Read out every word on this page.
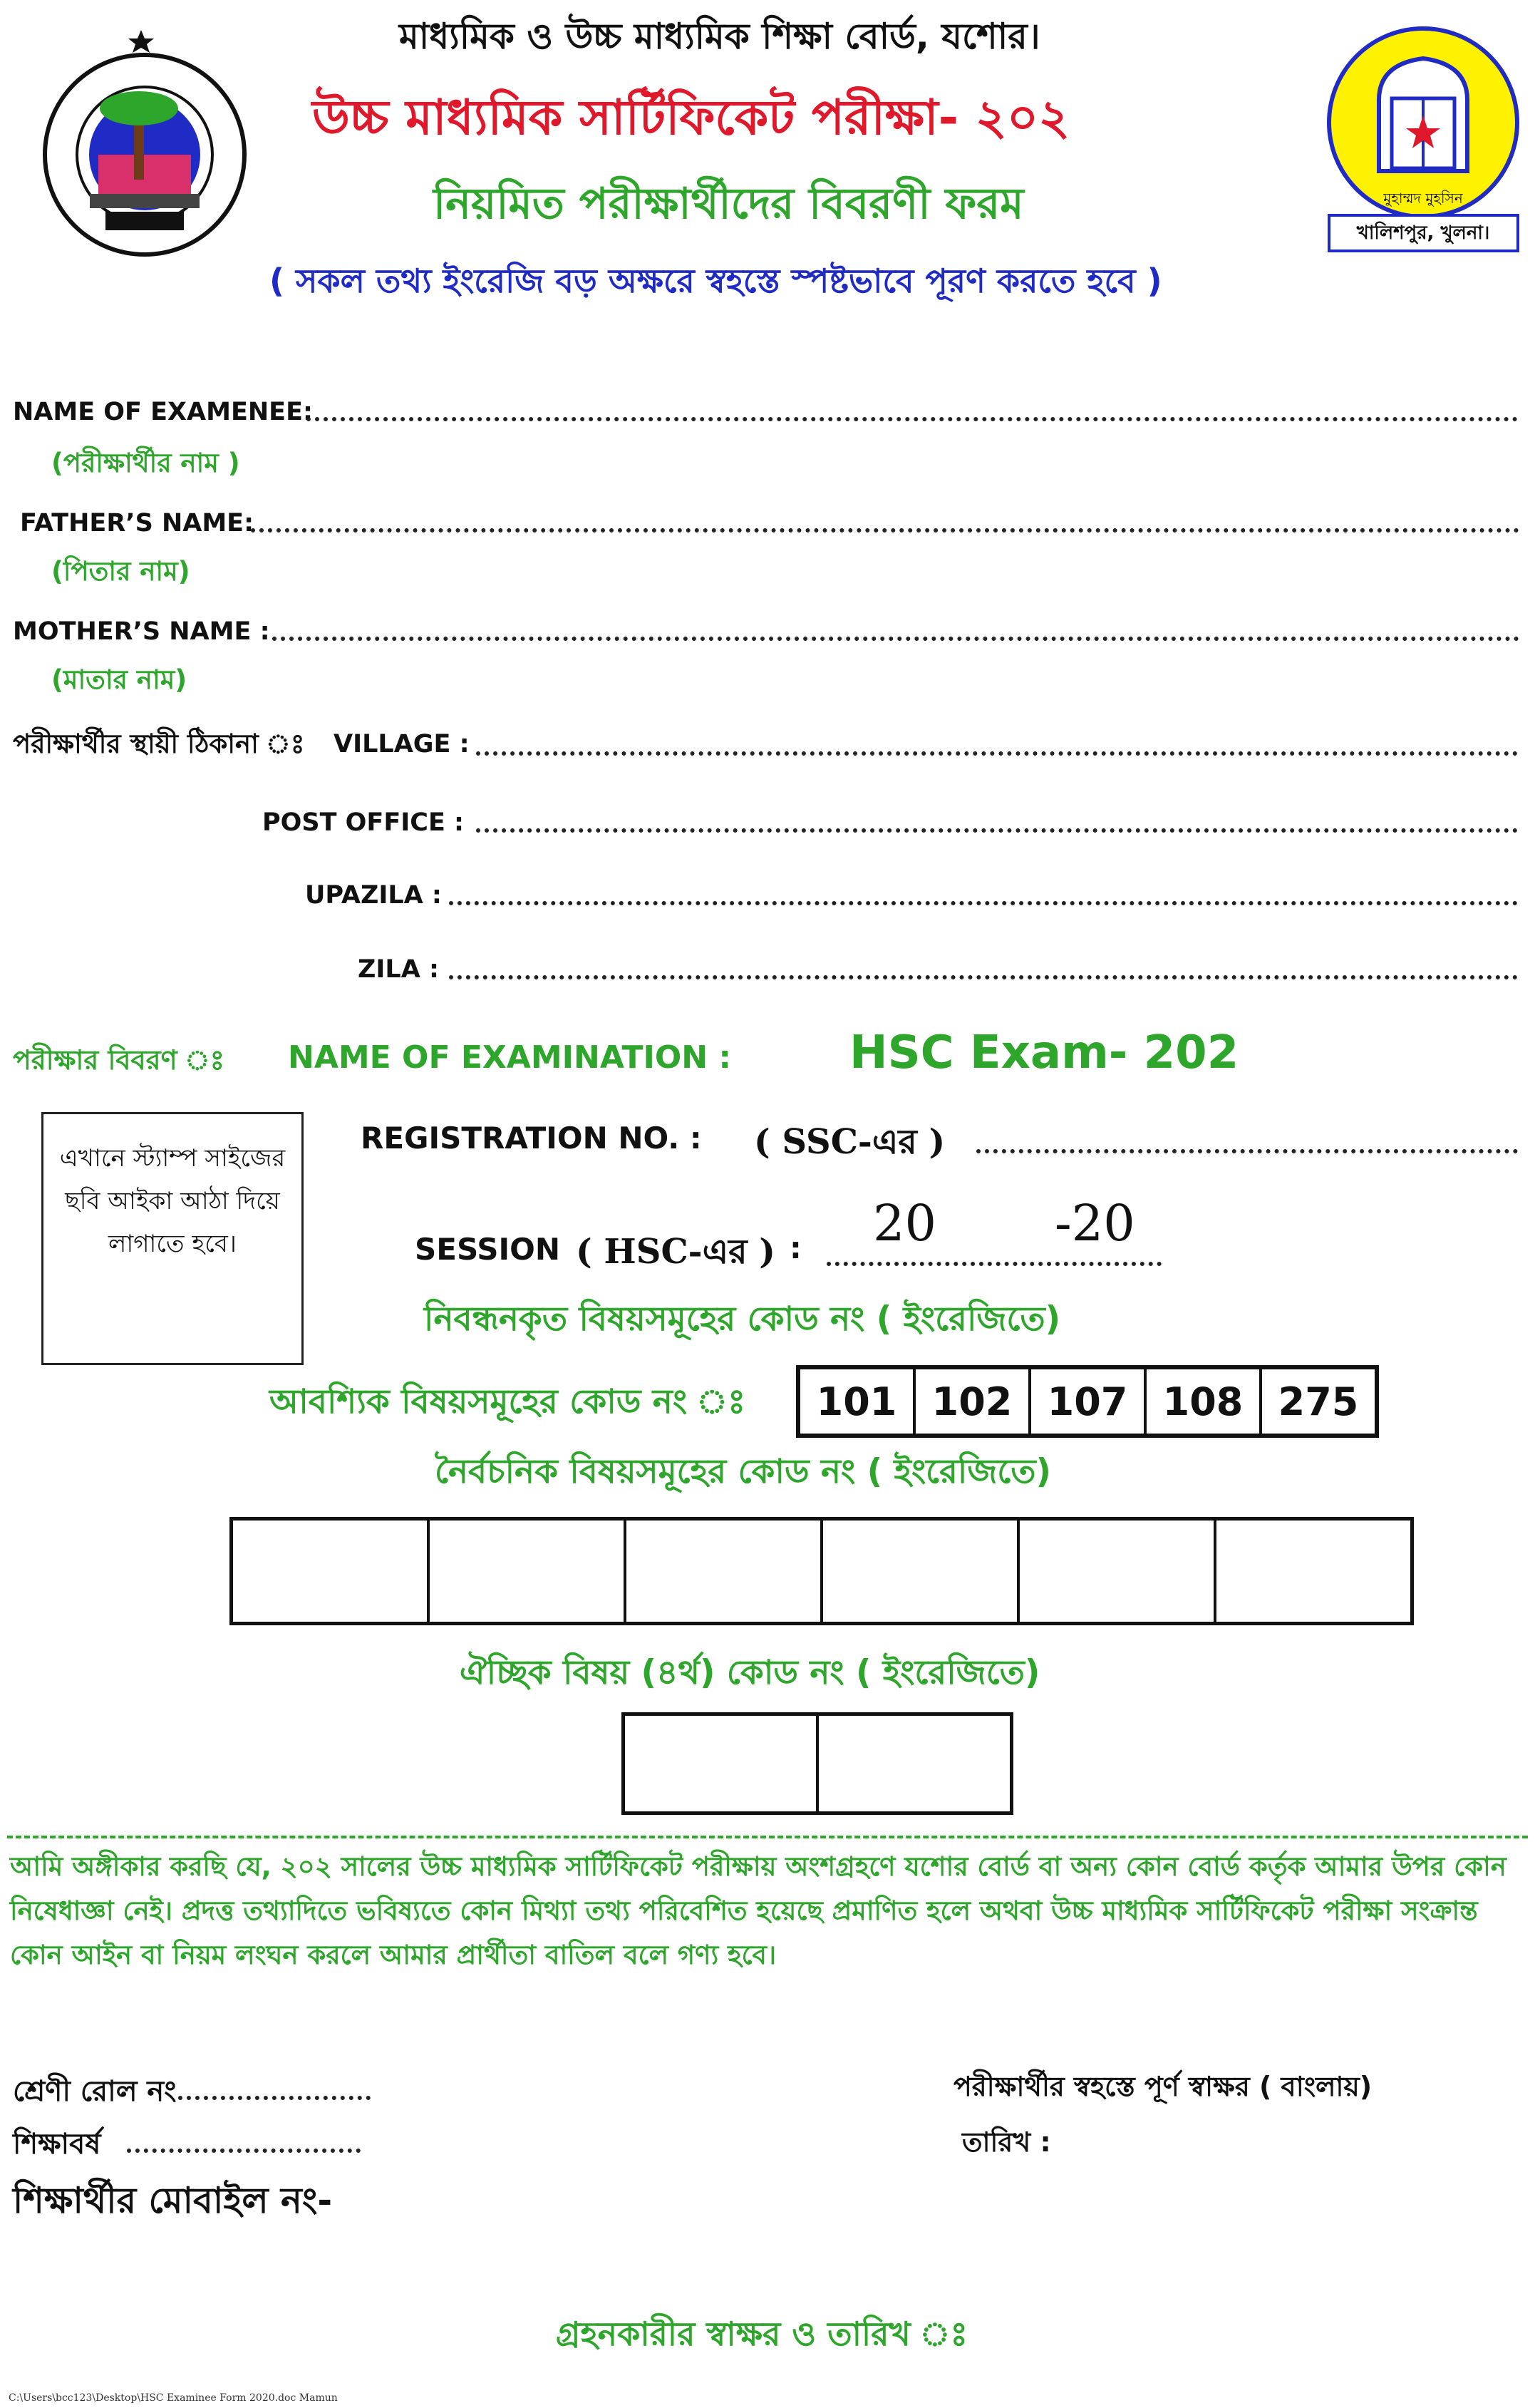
মাধ্যমিক ও উচ্চ মাধ্যমিক শিক্ষা বোর্ড, যশোর।
উচ্চ মাধ্যমিক সার্টিফিকেট পরীক্ষা- ২০২
নিয়মিত পরীক্ষার্থীদের বিবরণী ফরম
( সকল তথ্য ইংরেজি বড় অক্ষরে স্বহস্তে স্পষ্টভাবে পূরণ করতে হবে )
মুহাম্মদ মুহসিন
খালিশপুর, খুলনা।
NAME OF EXAMENEE:
(পরীক্ষার্থীর নাম )
FATHER’S NAME:
(পিতার নাম)
MOTHER’S NAME :
(মাতার নাম)
পরীক্ষার্থীর স্থায়ী ঠিকানা ঃ VILLAGE :
POST OFFICE :
UPAZILA :
ZILA :
পরীক্ষার বিবরণ ঃ NAME OF EXAMINATION :	HSC Exam- 202
এখানে স্ট্যাম্প সাইজের ছবি আইকা আঠা দিয়ে লাগাতে হবে।
REGISTRATION NO. : ( SSC-এর )
SESSION ( HSC-এর ) : 20 -20
নিবন্ধনকৃত বিষয়সমূহের কোড নং ( ইংরেজিতে)
আবশ্যিক বিষয়সমূহের কোড নং ঃ 101	102	107	108	275
নৈর্বচনিক বিষয়সমূহের কোড নং ( ইংরেজিতে)

ঐচ্ছিক বিষয় (৪র্থ) কোড নং ( ইংরেজিতে)

আমি অঙ্গীকার করছি যে, ২০২ সালের উচ্চ মাধ্যমিক সার্টিফিকেট পরীক্ষায় অংশগ্রহণে যশোর বোর্ড বা অন্য কোন বোর্ড কর্তৃক আমার উপর কোন নিষেধাজ্ঞা নেই। প্রদত্ত তথ্যাদিতে ভবিষ্যতে কোন মিথ্যা তথ্য পরিবেশিত হয়েছে প্রমাণিত হলে অথবা উচ্চ মাধ্যমিক সার্টিফিকেট পরীক্ষা সংক্রান্ত কোন আইন বা নিয়ম লংঘন করলে আমার প্রার্থীতা বাতিল বলে গণ্য হবে।
শ্রেণী রোল নং
শিক্ষাবর্ষ
শিক্ষার্থীর মোবাইল নং-
পরীক্ষার্থীর স্বহস্তে পূর্ণ স্বাক্ষর ( বাংলায়)
তারিখ :
গ্রহনকারীর স্বাক্ষর ও তারিখ ঃ
C:\Users\bcc123\Desktop\HSC Examinee Form 2020.doc Mamun
